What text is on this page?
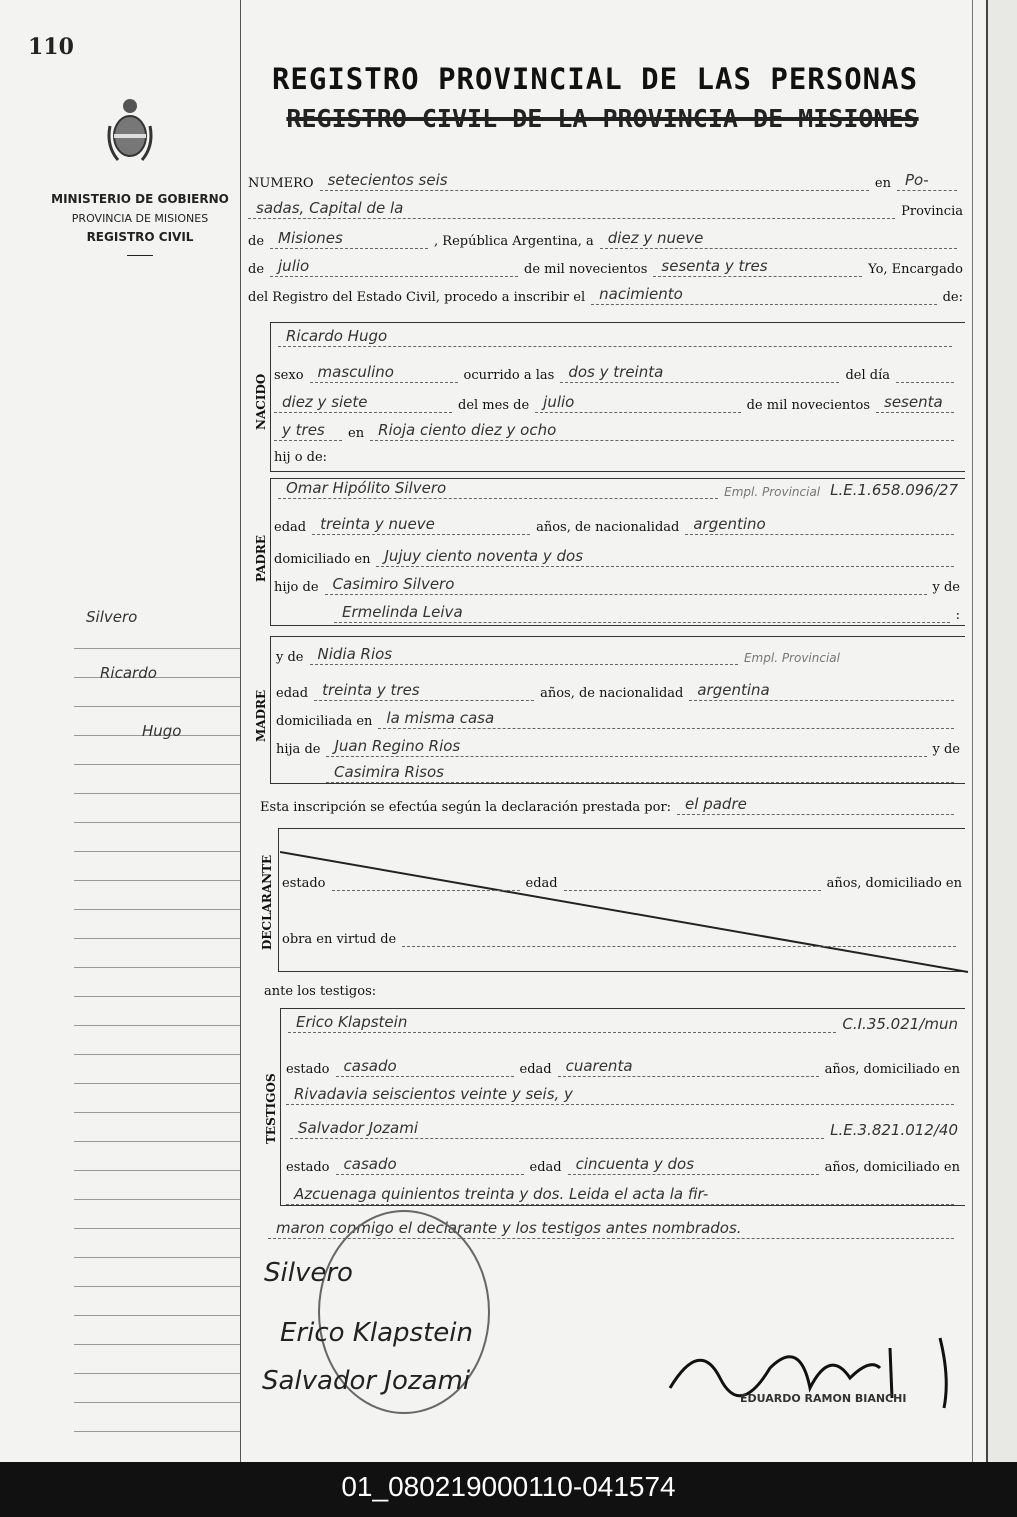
110
MINISTERIO DE GOBIERNO
PROVINCIA DE MISIONES
REGISTRO CIVIL
Silvero
Ricardo
Hugo
REGISTRO PROVINCIAL DE LAS PERSONAS
REGISTRO CIVIL DE LA PROVINCIA DE MISIONES
NUMERO setecientos seis	en Po-
sadas, Capital de la	Provincia
de Misiones	, República Argentina, a diez y nueve
de julio	de mil novecientos sesenta y tres	Yo, Encargado
del Registro del Estado Civil, procedo a inscribir el nacimiento	de:
NACIDO
Ricardo Hugo
sexo masculino	ocurrido a las dos y treinta	del día
diez y siete	del mes de julio	de mil novecientos sesenta
y tres	en Rioja ciento diez y ocho
hij o de:
PADRE
Omar Hipólito Silvero	Empl. Provincial L.E.1.658.096/27
edad treinta y nueve	años, de nacionalidad argentino
domiciliado en Jujuy ciento noventa y dos
hijo de Casimiro Silvero	y de
Ermelinda Leiva	:
MADRE
y de Nidia Rios	Empl. Provincial
edad treinta y tres	años, de nacionalidad argentina
domiciliada en la misma casa
hija de Juan Regino Rios	y de
Casimira Risos
Esta inscripción se efectúa según la declaración prestada por: el padre
DECLARANTE estado	edad	años, domiciliado en
obra en virtud de
ante los testigos:
TESTIGOS
Erico Klapstein	C.I.35.021/mun
estado casado	edad cuarenta	años, domiciliado en
Rivadavia seiscientos veinte y seis, y
Salvador Jozami	L.E.3.821.012/40
estado casado	edad cincuenta y dos	años, domiciliado en
Azcuenaga quinientos treinta y dos. Leida el acta la fir-
maron conmigo el declarante y los testigos antes nombrados.
Silvero
Erico Klapstein
Salvador Jozami
EDUARDO RAMON BIANCHI
01_080219000110-041574
